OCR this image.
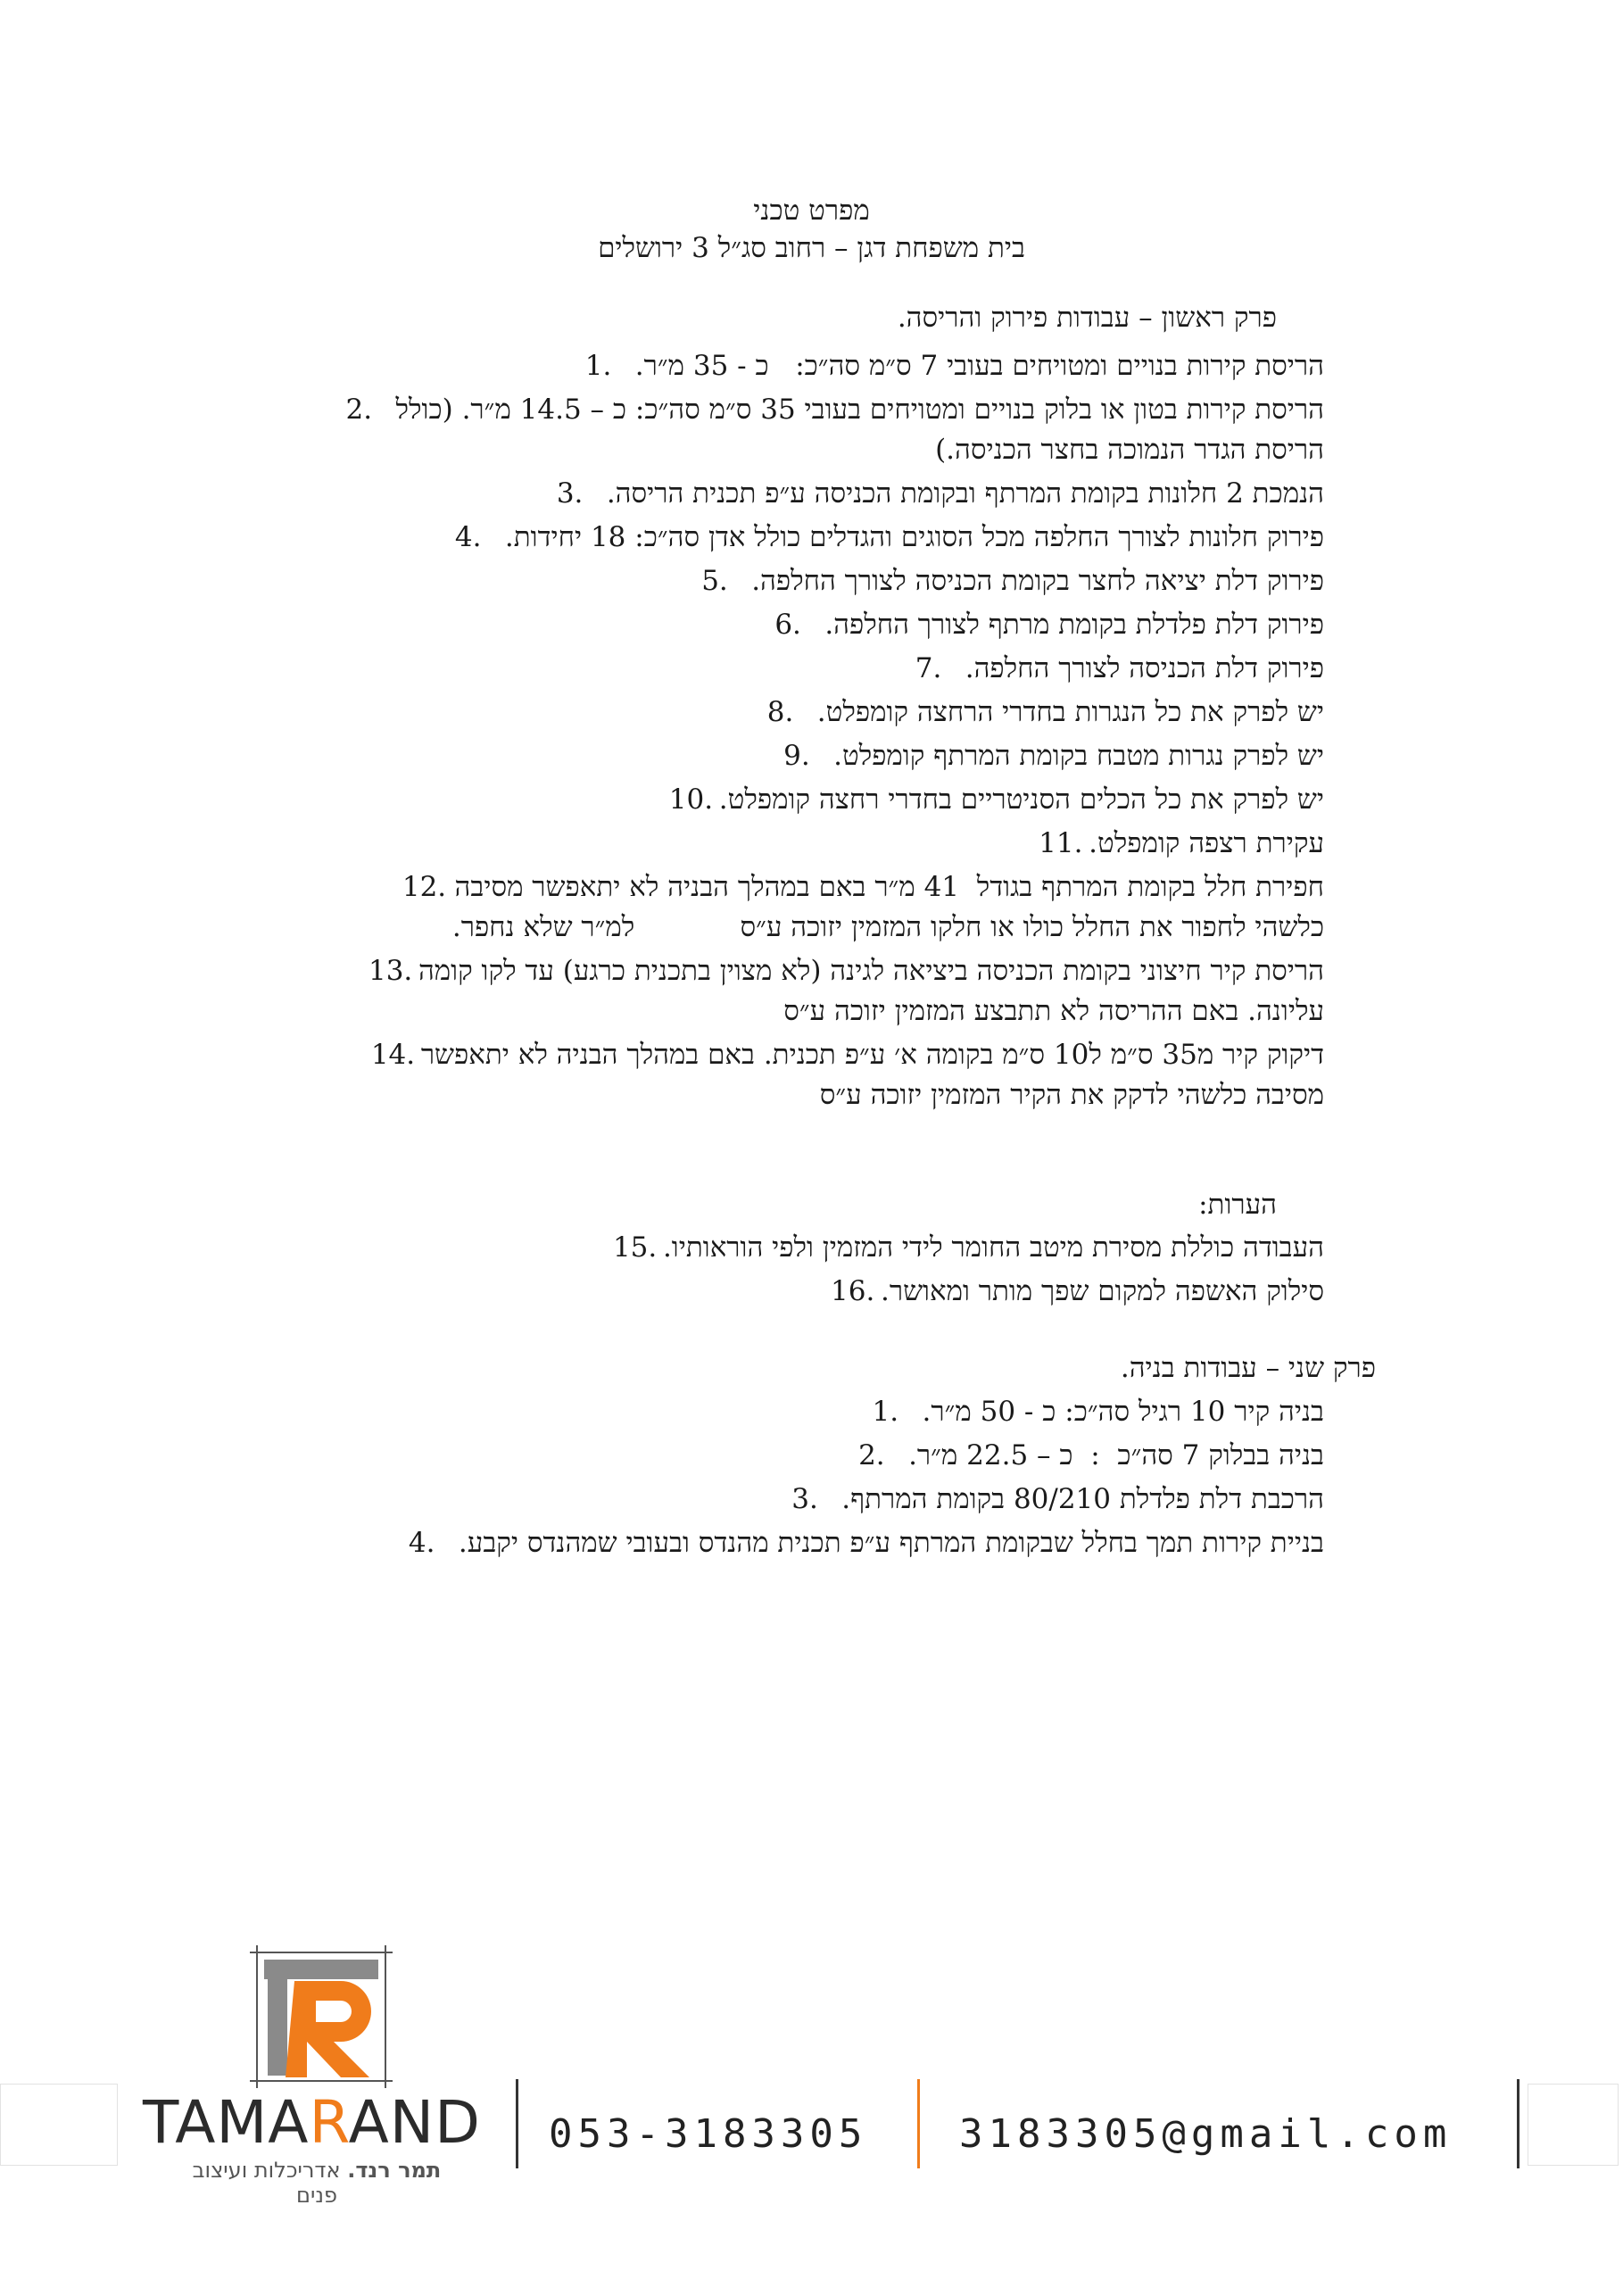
מפרט טכני
בית משפחת דגן – רחוב סג״ל 3 ירושלים
פרק ראשון – עבודות פירוק והריסה.
הריסת קירות בנויים ומטויחים בעובי 7 ס״מ סה״כ:   כ - 35 מ״ר.
1.
הריסת קירות בטון או בלוק בנויים ומטויחים בעובי 35 ס״מ סה״כ: כ – 14.5 מ״ר. (כולל
הריסת הגדר הנמוכה בחצר הכניסה.)
2.
הנמכת 2 חלונות בקומת המרתף ובקומת הכניסה ע״פ תכנית הריסה.
3.
פירוק חלונות לצורך החלפה מכל הסוגים והגדלים כולל אדן סה״כ: 18 יחידות.
4.
פירוק דלת יציאה לחצר בקומת הכניסה לצורך החלפה.
5.
פירוק דלת פלדלת בקומת מרתף לצורך החלפה.
6.
פירוק דלת הכניסה לצורך החלפה.
7.
יש לפרק את כל הנגרות בחדרי הרחצה קומפלט.
8.
יש לפרק נגרות מטבח בקומת המרתף קומפלט.
9.
יש לפרק את כל הכלים הסניטריים בחדרי רחצה קומפלט.
10.
עקירת רצפה קומפלט.
11.
חפירת חלל בקומת המרתף בגודל  41 מ״ר באם במהלך הבניה לא יתאפשר מסיבה
כלשהי לחפור את החלל כולו או חלקו המזמין יזוכה ע״ס            למ״ר שלא נחפר.
12.
הריסת קיר חיצוני בקומת הכניסה ביציאה לגינה (לא מצוין בתכנית כרגע) עד לקו קומה
עליונה. באם ההריסה לא תתבצע המזמין יזוכה ע״ס
13.
דיקוק קיר מ35 ס״מ ל10 ס״מ בקומה א׳ ע״פ תכנית. באם במהלך הבניה לא יתאפשר
מסיבה כלשהי לדקק את הקיר המזמין יזוכה ע״ס
14.
הערות:
העבודה כוללת מסירת מיטב החומר לידי המזמין ולפי הוראותיו.
15.
סילוק האשפה למקום שפך מותר ומאושר.
16.
פרק שני – עבודות בניה.
בניה קיר 10 רגיל סה״כ: כ - 50 מ״ר.
1.
בניה בבלוק 7 סה״כ  :  כ – 22.5 מ״ר.
2.
הרכבת דלת פלדלת 80/210 בקומת המרתף.
3.
בניית קירות תמך בחלל שבקומת המרתף ע״פ תכנית מהנדס ובעובי שמהנדס יקבע.
4.
TAMARAND
תמר רנד. אדריכלות ועיצוב פנים
053-3183305 3183305@gmail.com
